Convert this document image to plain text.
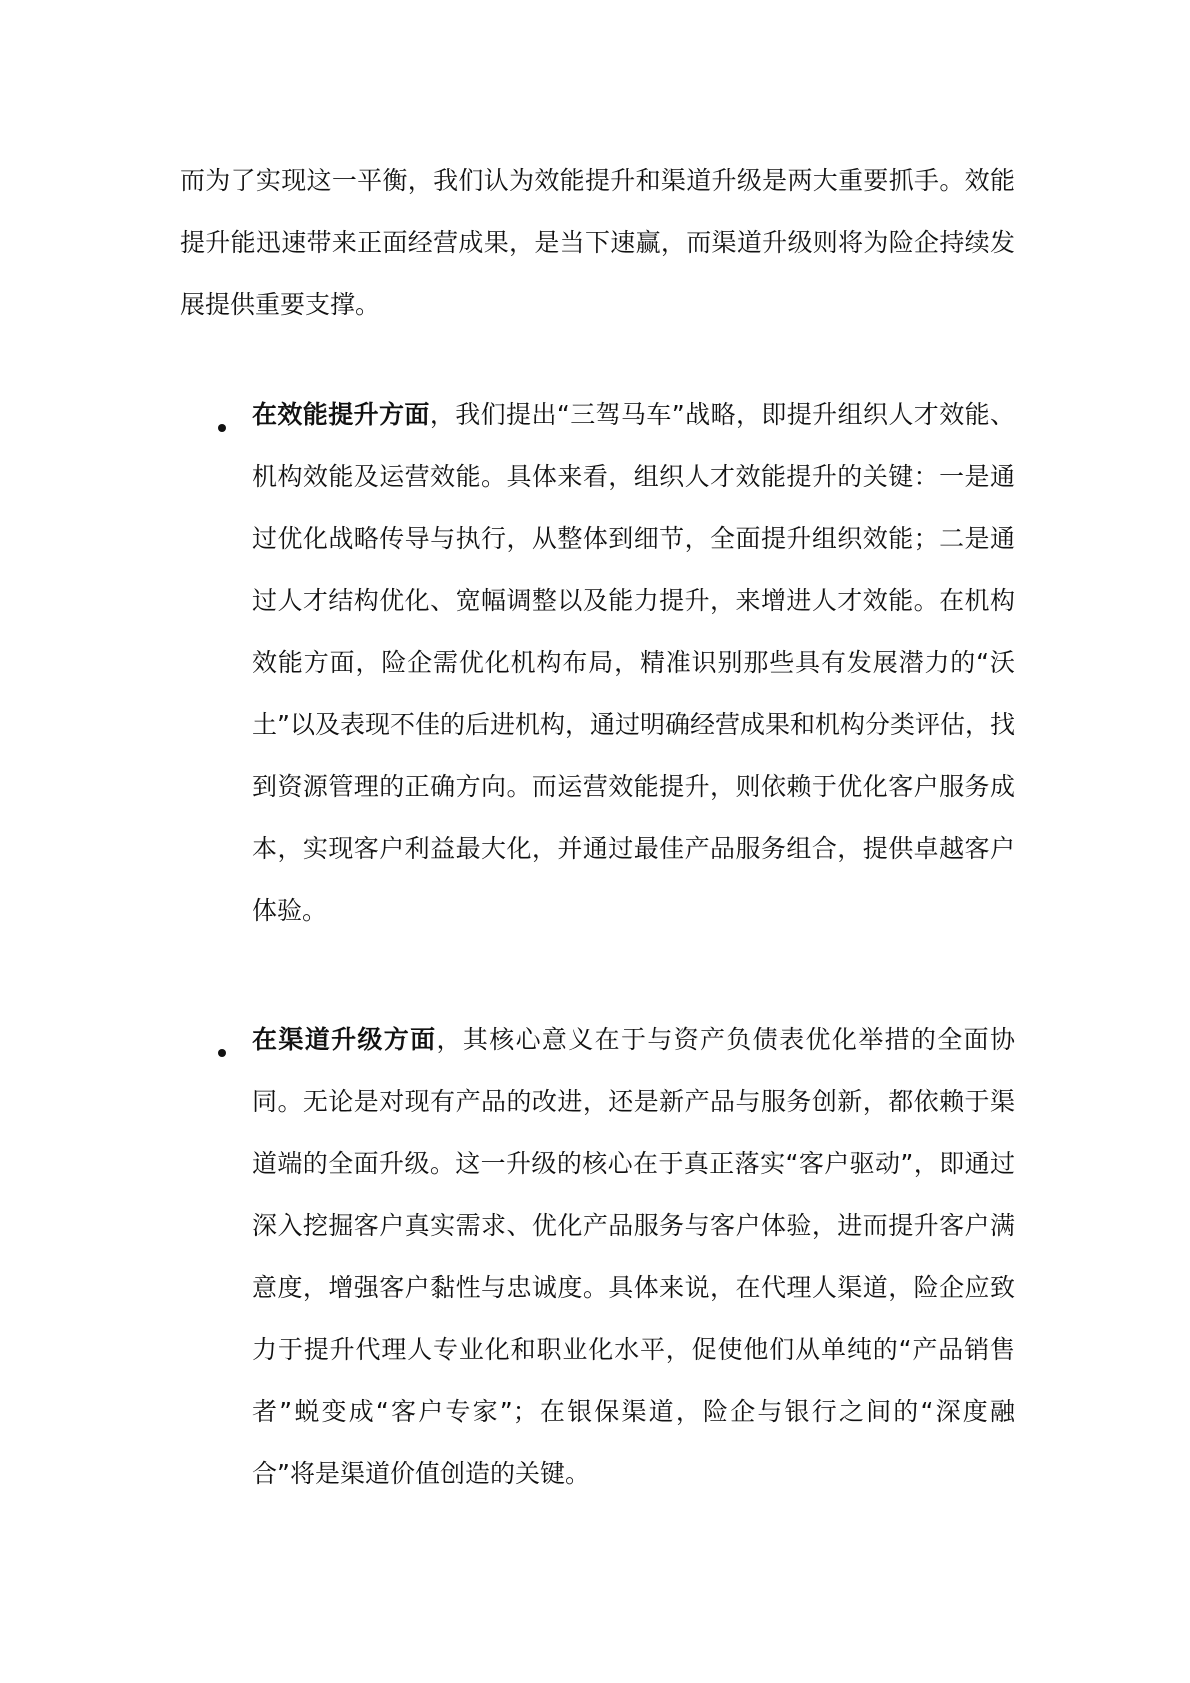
而为了实现这一平衡，我们认为效能提升和渠道升级是两大重要抓手。效能提升能迅速带来正面经营成果，是当下速赢，而渠道升级则将为险企持续发展提供重要支撑。

在效能提升方面，我们提出“三驾马车”战略，即提升组织人才效能、机构效能及运营效能。具体来看，组织人才效能提升的关键：一是通过优化战略传导与执行，从整体到细节，全面提升组织效能；二是通过人才结构优化、宽幅调整以及能力提升，来增进人才效能。在机构效能方面，险企需优化机构布局，精准识别那些具有发展潜力的“沃土”以及表现不佳的后进机构，通过明确经营成果和机构分类评估，找到资源管理的正确方向。而运营效能提升，则依赖于优化客户服务成本，实现客户利益最大化，并通过最佳产品服务组合，提供卓越客户体验。

在渠道升级方面，其核心意义在于与资产负债表优化举措的全面协同。无论是对现有产品的改进，还是新产品与服务创新，都依赖于渠道端的全面升级。这一升级的核心在于真正落实“客户驱动”，即通过深入挖掘客户真实需求、优化产品服务与客户体验，进而提升客户满意度，增强客户黏性与忠诚度。具体来说，在代理人渠道，险企应致力于提升代理人专业化和职业化水平，促使他们从单纯的“产品销售者”蜕变成“客户专家”；在银保渠道，险企与银行之间的“深度融合”将是渠道价值创造的关键。
